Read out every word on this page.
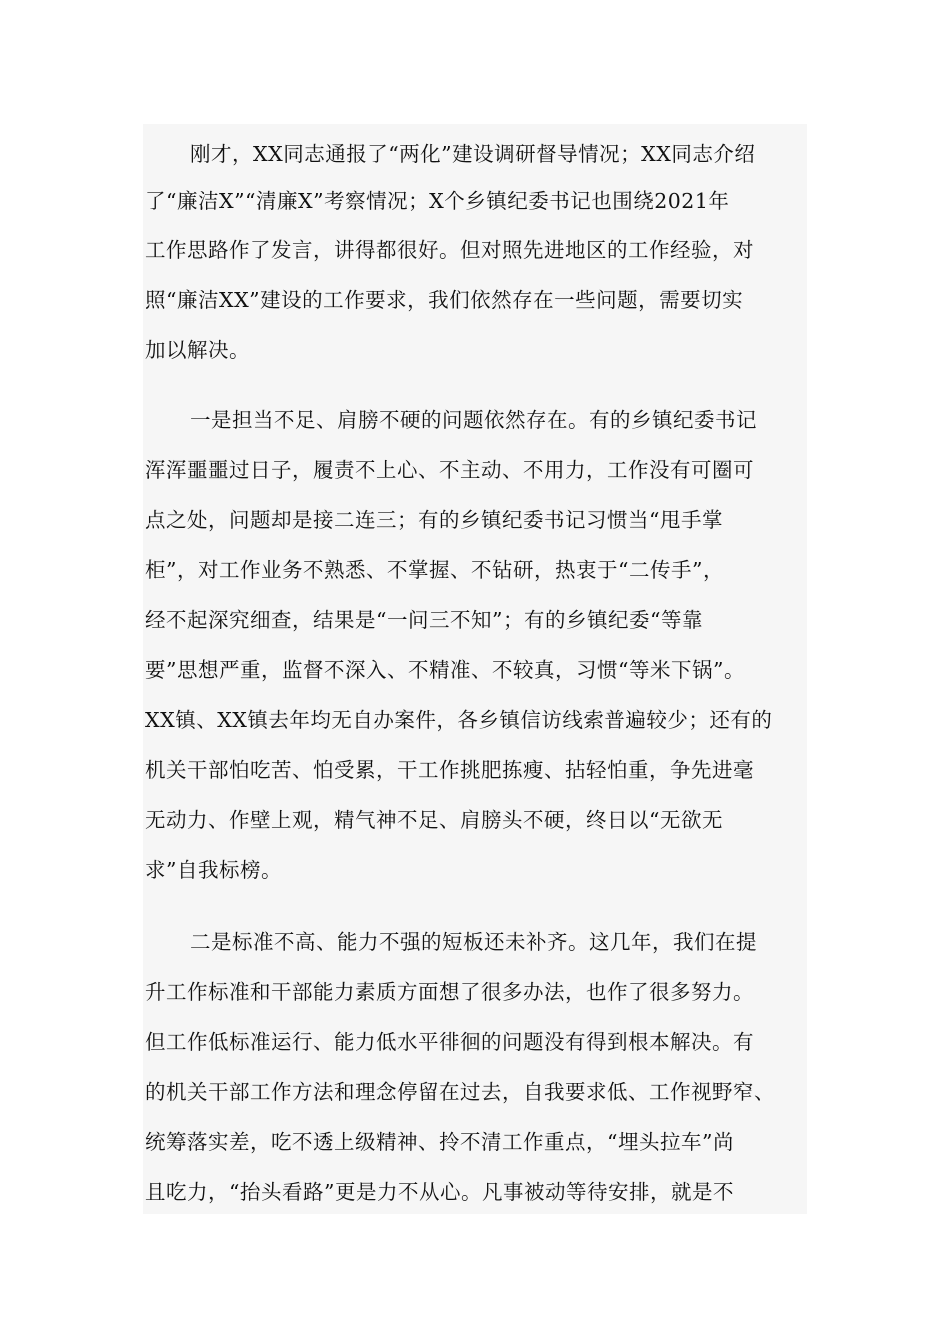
刚才，XX同志通报了“两化”建设调研督导情况；XX同志介绍
了“廉洁X”“清廉X”考察情况；X个乡镇纪委书记也围绕2021年
工作思路作了发言，讲得都很好。但对照先进地区的工作经验，对
照“廉洁XX”建设的工作要求，我们依然存在一些问题，需要切实
加以解决。
一是担当不足、肩膀不硬的问题依然存在。有的乡镇纪委书记
浑浑噩噩过日子，履责不上心、不主动、不用力，工作没有可圈可
点之处，问题却是接二连三；有的乡镇纪委书记习惯当“甩手掌
柜”，对工作业务不熟悉、不掌握、不钻研，热衷于“二传手”，
经不起深究细查，结果是“一问三不知”；有的乡镇纪委“等靠
要”思想严重，监督不深入、不精准、不较真，习惯“等米下锅”。
XX镇、XX镇去年均无自办案件，各乡镇信访线索普遍较少；还有的
机关干部怕吃苦、怕受累，干工作挑肥拣瘦、拈轻怕重，争先进毫
无动力、作壁上观，精气神不足、肩膀头不硬，终日以“无欲无
求”自我标榜。
二是标准不高、能力不强的短板还未补齐。这几年，我们在提
升工作标准和干部能力素质方面想了很多办法，也作了很多努力。
但工作低标准运行、能力低水平徘徊的问题没有得到根本解决。有
的机关干部工作方法和理念停留在过去，自我要求低、工作视野窄、
统筹落实差，吃不透上级精神、拎不清工作重点，“埋头拉车”尚
且吃力，“抬头看路”更是力不从心。凡事被动等待安排，就是不
